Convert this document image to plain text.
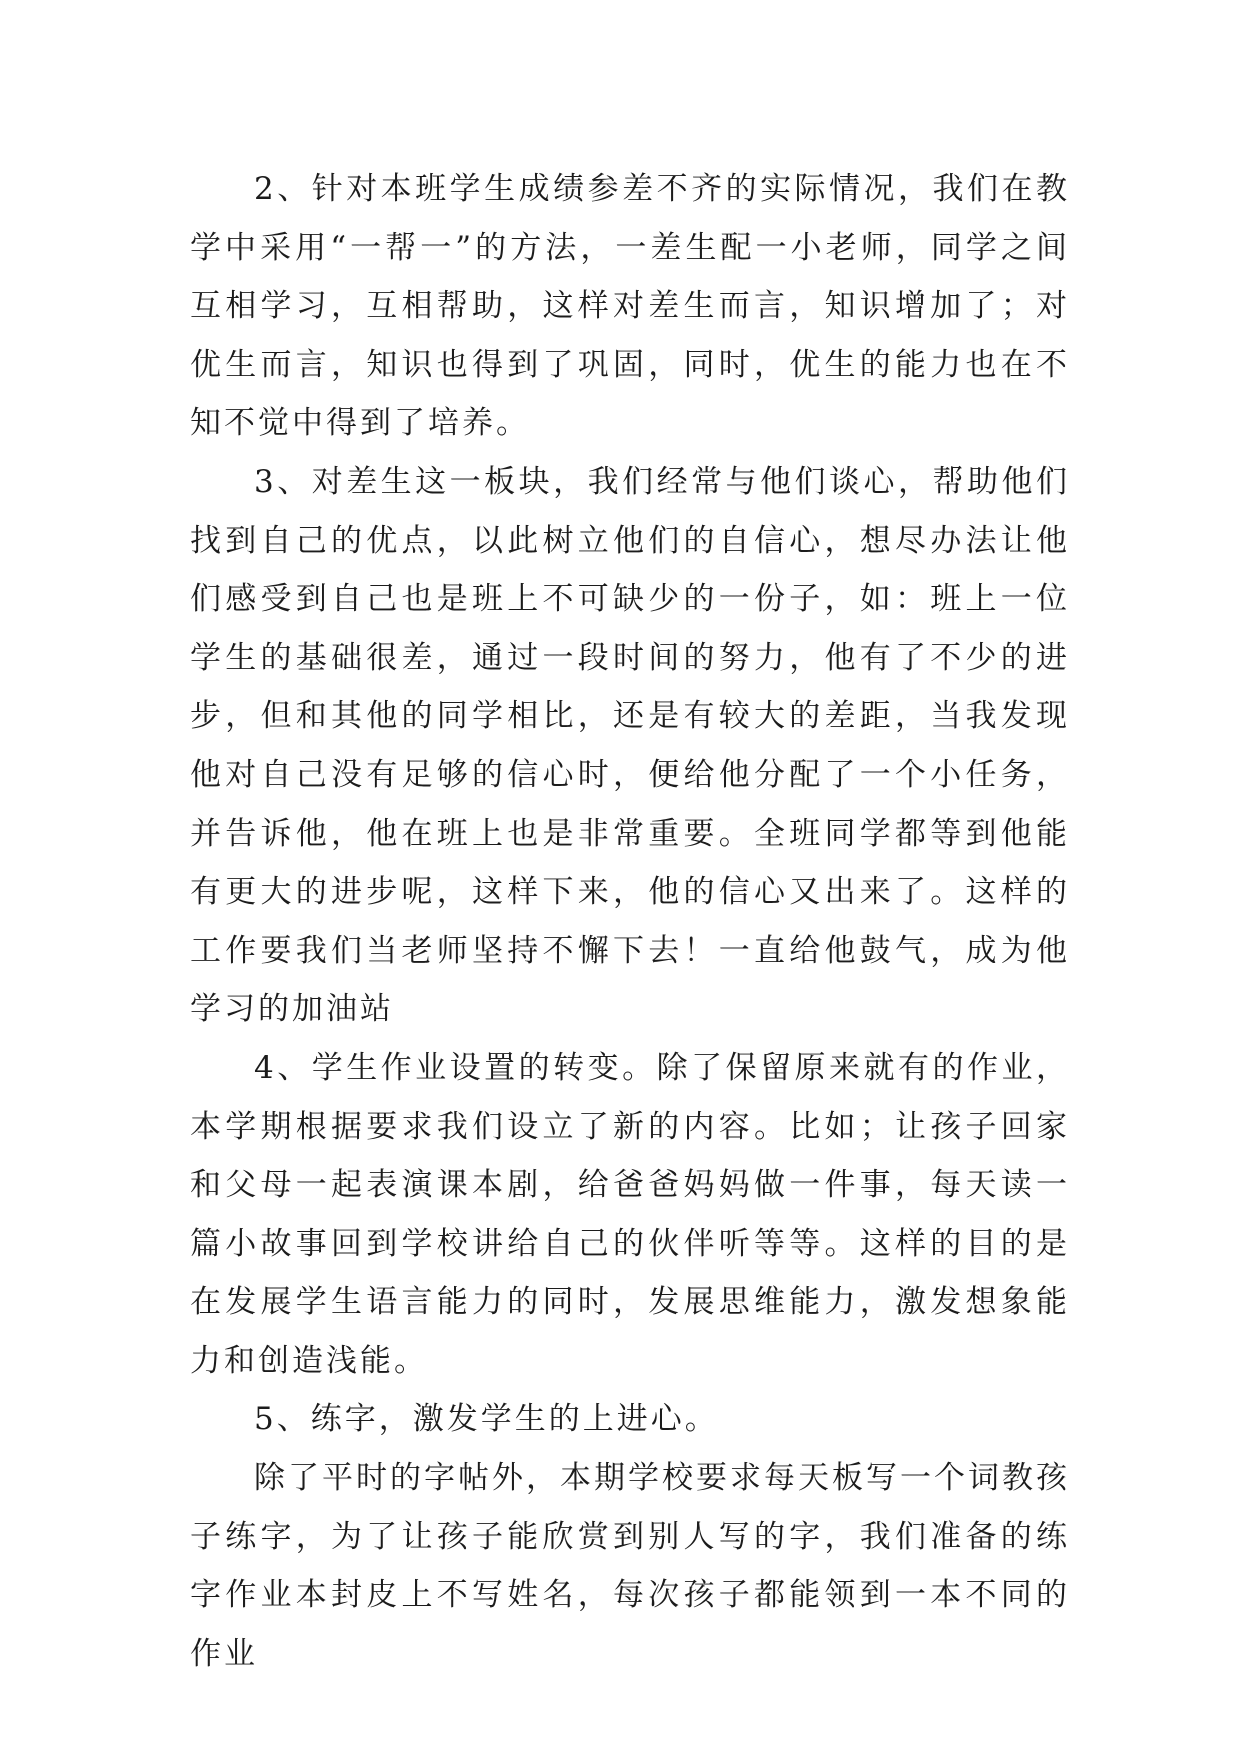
2、针对本班学生成绩参差不齐的实际情况，我们在教学中采用“一帮一”的方法，一差生配一小老师，同学之间互相学习，互相帮助，这样对差生而言，知识增加了；对优生而言，知识也得到了巩固，同时，优生的能力也在不知不觉中得到了培养。

3、对差生这一板块，我们经常与他们谈心，帮助他们找到自己的优点，以此树立他们的自信心，想尽办法让他们感受到自己也是班上不可缺少的一份子，如：班上一位学生的基础很差，通过一段时间的努力，他有了不少的进步，但和其他的同学相比，还是有较大的差距，当我发现他对自己没有足够的信心时，便给他分配了一个小任务，并告诉他，他在班上也是非常重要。全班同学都等到他能有更大的进步呢，这样下来，他的信心又出来了。这样的工作要我们当老师坚持不懈下去！一直给他鼓气，成为他学习的加油站

4、学生作业设置的转变。除了保留原来就有的作业，本学期根据要求我们设立了新的内容。比如；让孩子回家和父母一起表演课本剧，给爸爸妈妈做一件事，每天读一篇小故事回到学校讲给自己的伙伴听等等。这样的目的是在发展学生语言能力的同时，发展思维能力，激发想象能力和创造浅能。

5、练字，激发学生的上进心。

除了平时的字帖外，本期学校要求每天板写一个词教孩子练字，为了让孩子能欣赏到别人写的字，我们准备的练字作业本封皮上不写姓名，每次孩子都能领到一本不同的作业
